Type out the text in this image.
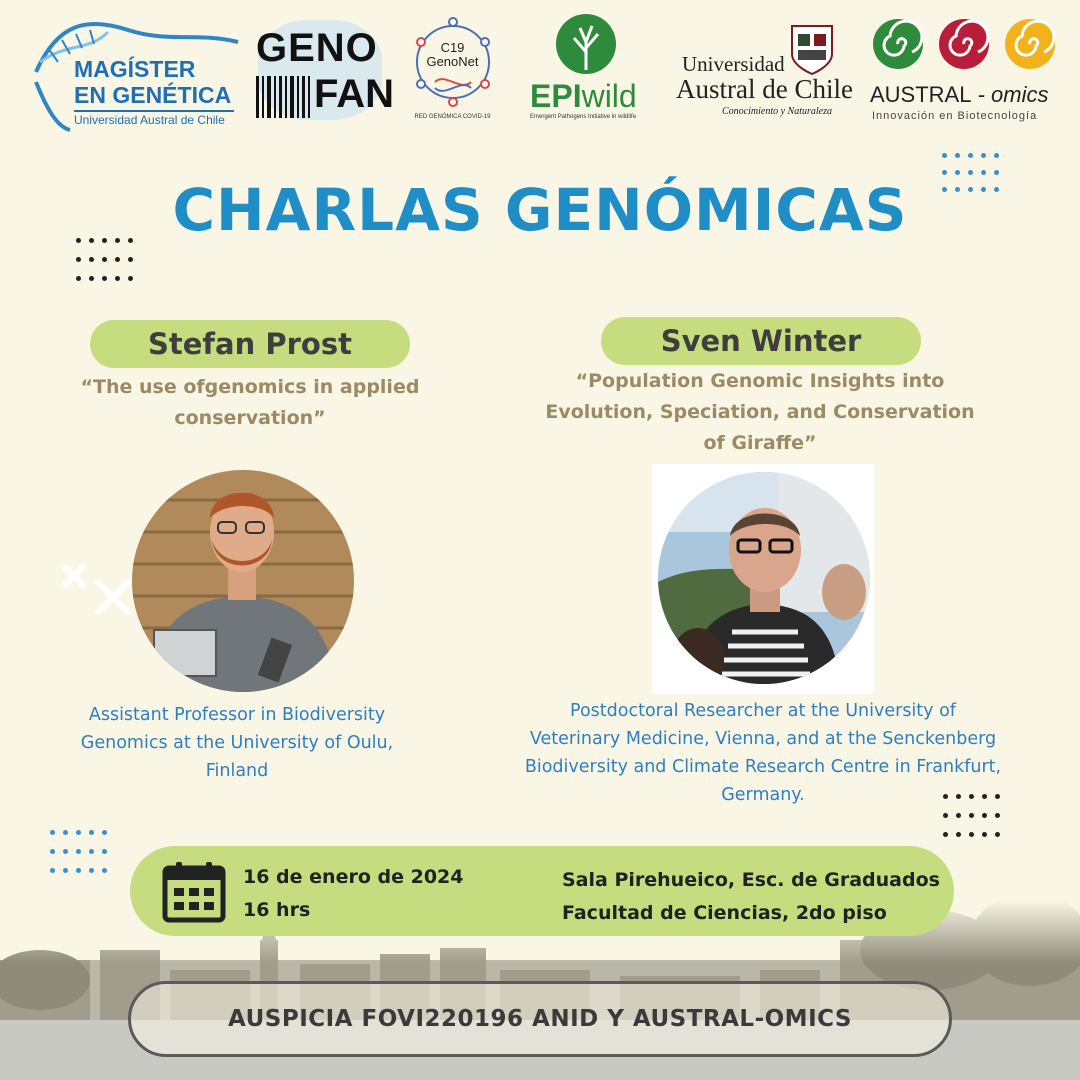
MAGÍSTER
EN GENÉTICA
Universidad Austral de Chile
GENO
FAN
C19
GenoNet
RED GENÓMICA COVID-19
EPIwild
Emergent Pathogens Initiative in wildlife
Universidad
Austral de Chile
Conocimiento y Naturaleza
AUSTRAL - omics
Innovación en Biotecnología
CHARLAS GENÓMICAS
Stefan Prost
“The use ofgenomics in applied
conservation”
Assistant Professor in Biodiversity
Genomics at the University of Oulu,
Finland
Sven Winter
“Population Genomic Insights into
Evolution, Speciation, and Conservation
of Giraffe”
Postdoctoral Researcher at the University of
Veterinary Medicine, Vienna, and at the Senckenberg
Biodiversity and Climate Research Centre in Frankfurt,
Germany.
16 de enero de 2024
16 hrs
Sala Pirehueico, Esc. de Graduados
Facultad de Ciencias, 2do piso
AUSPICIA FOVI220196 ANID Y AUSTRAL-OMICS
